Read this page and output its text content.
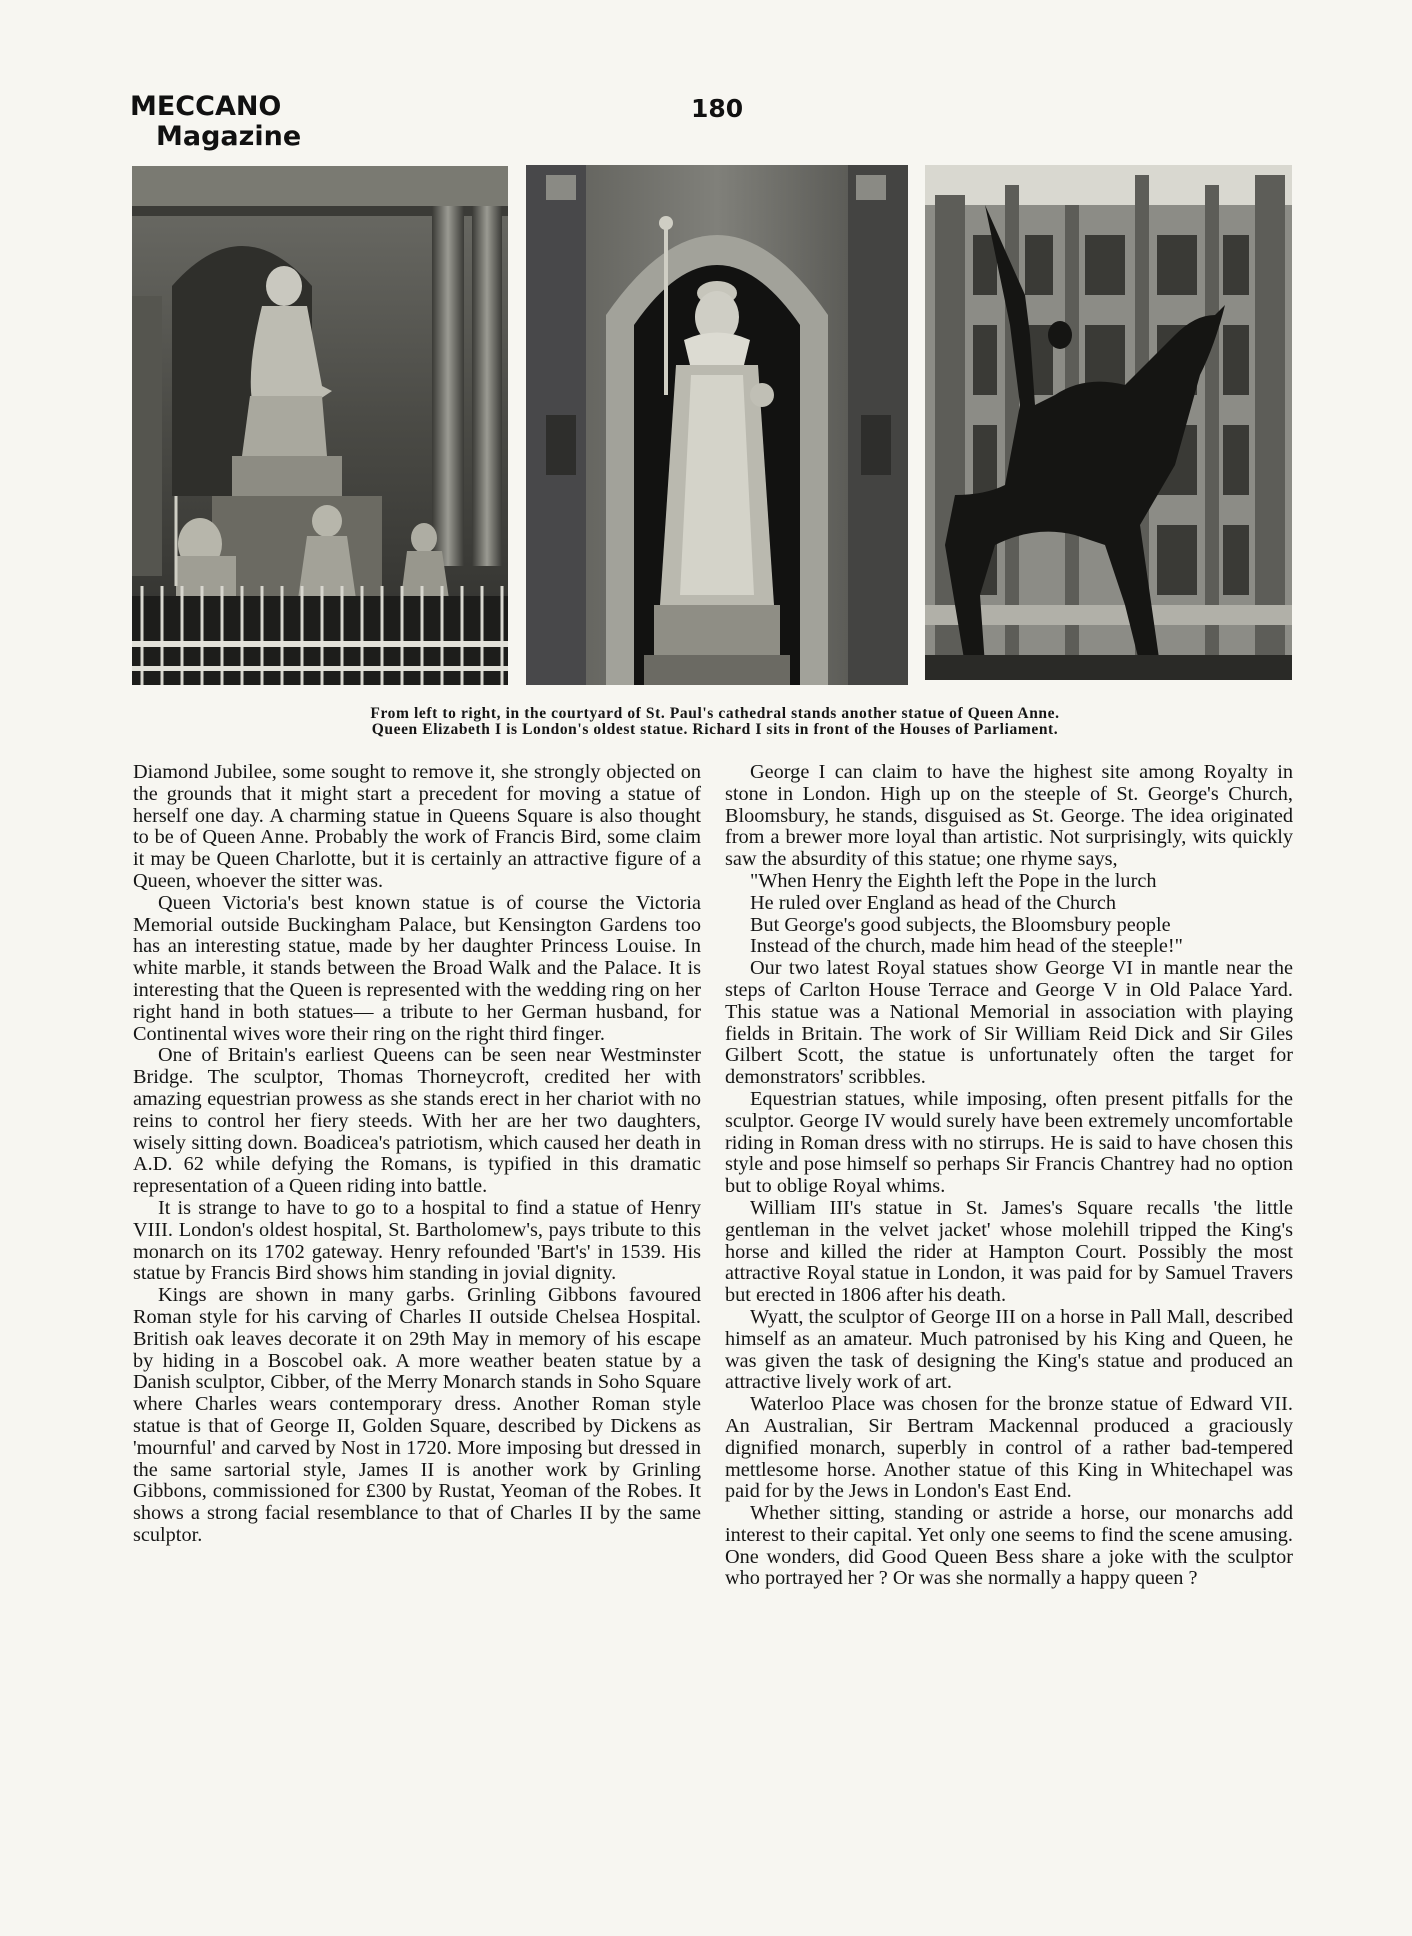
MECCANO
Magazine
180
From left to right, in the courtyard of St. Paul's cathedral stands another statue of Queen Anne.
Queen Elizabeth I is London's oldest statue. Richard I sits in front of the Houses of Parliament.

Diamond Jubilee, some sought to remove it, she strongly objected on the grounds that it might start a precedent for moving a statue of herself one day. A charming statue in Queens Square is also thought to be of Queen Anne. Probably the work of Francis Bird, some claim it may be Queen Charlotte, but it is certainly an attractive figure of a Queen, whoever the sitter was.

Queen Victoria's best known statue is of course the Victoria Memorial outside Buckingham Palace, but Kensington Gardens too has an interesting statue, made by her daughter Princess Louise. In white marble, it stands between the Broad Walk and the Palace. It is interesting that the Queen is represented with the wedding ring on her right hand in both statues— a tribute to her German husband, for Continental wives wore their ring on the right third finger.

One of Britain's earliest Queens can be seen near Westminster Bridge. The sculptor, Thomas Thorneycroft, credited her with amazing equestrian prowess as she stands erect in her chariot with no reins to control her fiery steeds. With her are her two daughters, wisely sitting down. Boadicea's patriotism, which caused her death in A.D. 62 while defying the Romans, is typified in this dramatic representation of a Queen riding into battle.

It is strange to have to go to a hospital to find a statue of Henry VIII. London's oldest hospital, St. Bartholomew's, pays tribute to this monarch on its 1702 gateway. Henry refounded 'Bart's' in 1539. His statue by Francis Bird shows him standing in jovial dignity.

Kings are shown in many garbs. Grinling Gibbons favoured Roman style for his carving of Charles II outside Chelsea Hospital. British oak leaves decorate it on 29th May in memory of his escape by hiding in a Boscobel oak. A more weather beaten statue by a Danish sculptor, Cibber, of the Merry Monarch stands in Soho Square where Charles wears contemporary dress. Another Roman style statue is that of George II, Golden Square, described by Dickens as 'mournful' and carved by Nost in 1720. More imposing but dressed in the same sartorial style, James II is another work by Grinling Gibbons, commissioned for £300 by Rustat, Yeoman of the Robes. It shows a strong facial resemblance to that of Charles II by the same sculptor.

George I can claim to have the highest site among Royalty in stone in London. High up on the steeple of St. George's Church, Bloomsbury, he stands, disguised as St. George. The idea originated from a brewer more loyal than artistic. Not surprisingly, wits quickly saw the absurdity of this statue; one rhyme says,

"When Henry the Eighth left the Pope in the lurch

He ruled over England as head of the Church

But George's good subjects, the Bloomsbury people

Instead of the church, made him head of the steeple!"

Our two latest Royal statues show George VI in mantle near the steps of Carlton House Terrace and George V in Old Palace Yard. This statue was a National Memorial in association with playing fields in Britain. The work of Sir William Reid Dick and Sir Giles Gilbert Scott, the statue is unfortunately often the target for demonstrators' scribbles.

Equestrian statues, while imposing, often present pitfalls for the sculptor. George IV would surely have been extremely uncomfortable riding in Roman dress with no stirrups. He is said to have chosen this style and pose himself so perhaps Sir Francis Chantrey had no option but to oblige Royal whims.

William III's statue in St. James's Square recalls 'the little gentleman in the velvet jacket' whose molehill tripped the King's horse and killed the rider at Hampton Court. Possibly the most attractive Royal statue in London, it was paid for by Samuel Travers but erected in 1806 after his death.

Wyatt, the sculptor of George III on a horse in Pall Mall, described himself as an amateur. Much patronised by his King and Queen, he was given the task of designing the King's statue and produced an attractive lively work of art.

Waterloo Place was chosen for the bronze statue of Edward VII. An Australian, Sir Bertram Mackennal produced a graciously dignified monarch, superbly in control of a rather bad-tempered mettlesome horse. Another statue of this King in Whitechapel was paid for by the Jews in London's East End.

Whether sitting, standing or astride a horse, our monarchs add interest to their capital. Yet only one seems to find the scene amusing. One wonders, did Good Queen Bess share a joke with the sculptor who portrayed her ? Or was she normally a happy queen ?
